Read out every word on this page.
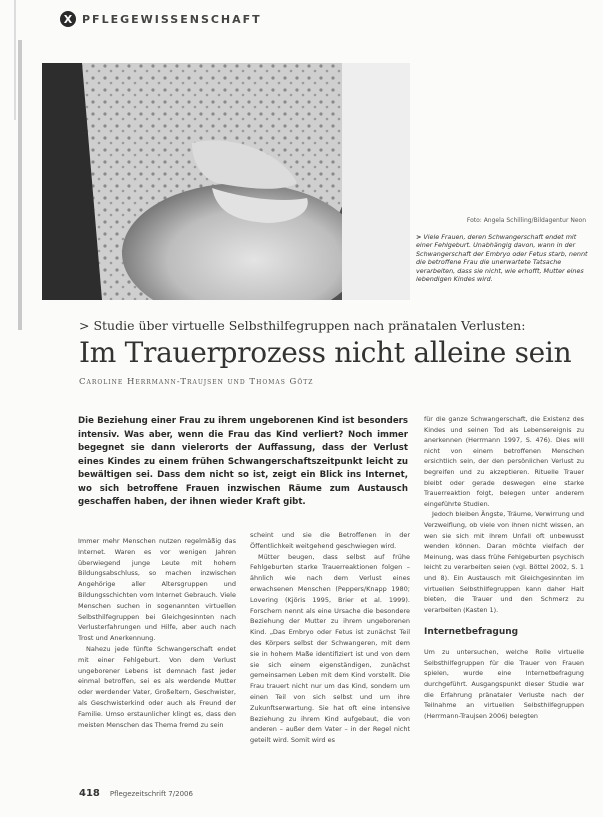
X PFLEGEWISSENSCHAFT
Foto: Angela Schilling/Bildagentur Neon
> Viele Frauen, deren Schwangerschaft endet mit einer Fehlgeburt. Unabhängig davon, wann in der Schwangerschaft der Embryo oder Fetus starb, nennt die betroffene Frau die unerwartete Tatsache verarbeiten, dass sie nicht, wie erhofft, Mutter eines lebendigen Kindes wird.
> Studie über virtuelle Selbsthilfegruppen nach pränatalen Verlusten:
Im Trauerprozess nicht alleine sein
Caroline Herrmann-Traujsen und Thomas Götz
Die Beziehung einer Frau zu ihrem ungeborenen Kind ist besonders intensiv. Was aber, wenn die Frau das Kind verliert? Noch immer begegnet sie dann vielerorts der Auffassung, dass der Verlust eines Kindes zu einem frühen Schwangerschaftszeitpunkt leicht zu bewältigen sei. Dass dem nicht so ist, zeigt ein Blick ins Internet, wo sich betroffene Frauen inzwischen Räume zum Austausch geschaffen haben, der ihnen wieder Kraft gibt.

Immer mehr Menschen nutzen regelmäßig das Internet. Waren es vor wenigen Jahren überwiegend junge Leute mit hohem Bildungsabschluss, so machen inzwischen Angehörige aller Altersgruppen und Bildungsschichten vom Internet Gebrauch. Viele Menschen suchen in sogenannten virtuellen Selbsthilfegruppen bei Gleichgesinnten nach Verlusterfahrungen und Hilfe, aber auch nach Trost und Anerkennung.

Nahezu jede fünfte Schwangerschaft endet mit einer Fehlgeburt. Von dem Verlust ungeborener Lebens ist demnach fast jeder einmal betroffen, sei es als werdende Mutter oder werdender Vater, Großeltern, Geschwister, als Geschwisterkind oder auch als Freund der Familie. Umso erstaunlicher klingt es, dass den meisten Menschen das Thema fremd zu sein

scheint und sie die Betroffenen in der Öffentlichkeit weitgehend geschwiegen wird.

Mütter beugen, dass selbst auf frühe Fehlgeburten starke Trauerreaktionen folgen – ähnlich wie nach dem Verlust eines erwachsenen Menschen (Peppers/Knapp 1980; Lovering (Kjöris 1995, Brier et al. 1999). Forschern nennt als eine Ursache die besondere Beziehung der Mutter zu ihrem ungeborenen Kind. „Das Embryo oder Fetus ist zunächst Teil des Körpers selbst der Schwangeren, mit dem sie in hohem Maße identifiziert ist und von dem sie sich einem eigenständigen, zunächst gemeinsamen Leben mit dem Kind vorstellt. Die Frau trauert nicht nur um das Kind, sondern um einen Teil von sich selbst und um ihre Zukunftserwartung. Sie hat oft eine intensive Beziehung zu ihrem Kind aufgebaut, die von anderen – außer dem Vater – in der Regel nicht geteilt wird. Somit wird es

für die ganze Schwangerschaft, die Existenz des Kindes und seinen Tod als Lebensereignis zu anerkennen (Herrmann 1997, S. 476). Dies will nicht von einem betroffenen Menschen ersichtlich sein, der den persönlichen Verlust zu begreifen und zu akzeptieren. Rituelle Trauer bleibt oder gerade deswegen eine starke Trauerreaktion folgt, belegen unter anderem eingeführte Studien.

Jedoch bleiben Ängste, Träume, Verwirrung und Verzweiflung, ob viele von ihnen nicht wissen, an wen sie sich mit ihrem Unfall oft unbewusst wenden können. Daran möchte vielfach der Meinung, was dass frühe Fehlgeburten psychisch leicht zu verarbeiten seien (vgl. Böttel 2002, S. 1 und 8). Ein Austausch mit Gleichgesinnten im virtuellen Selbsthilfegruppen kann daher Halt bieten, die Trauer und den Schmerz zu verarbeiten (Kasten 1).

Internetbefragung

Um zu untersuchen, welche Rolle virtuelle Selbsthilfegruppen für die Trauer von Frauen spielen, wurde eine Internetbefragung durchgeführt. Ausgangspunkt dieser Studie war die Erfahrung pränataler Verluste nach der Teilnahme an virtuellen Selbsthilfegruppen (Herrmann-Traujsen 2006) belegten

418 Pflegezeitschrift 7/2006
